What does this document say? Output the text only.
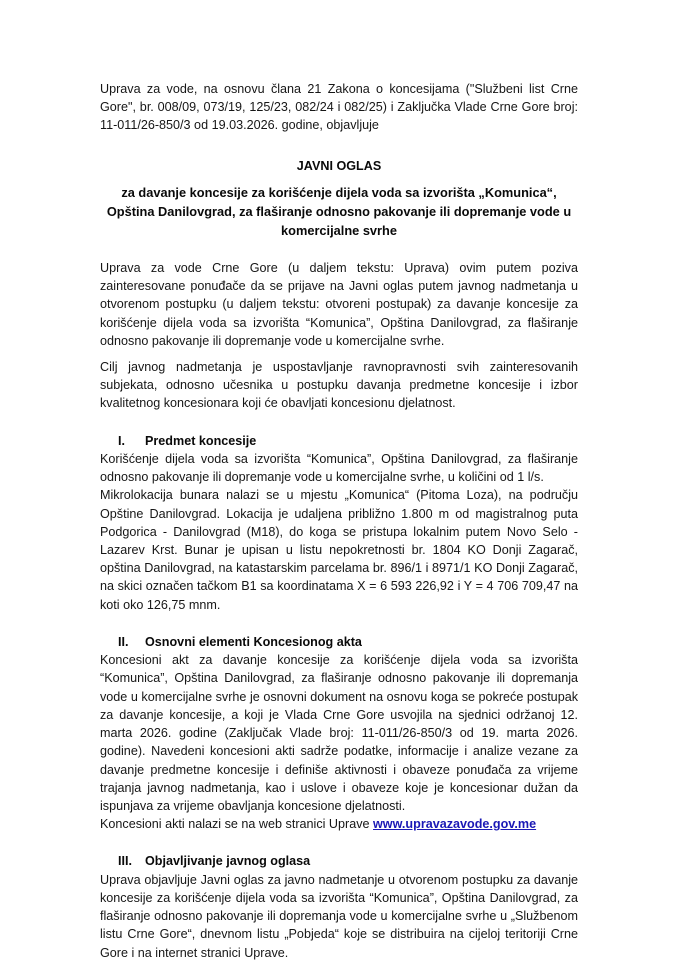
Uprava za vode, na osnovu člana 21 Zakona o koncesijama ("Službeni list Crne Gore", br. 008/09, 073/19, 125/23, 082/24 i 082/25) i Zaključka Vlade Crne Gore broj: 11-011/26-850/3 od 19.03.2026. godine, objavljuje

JAVNI OGLAS

za davanje koncesije za korišćenje dijela voda sa izvorišta „Komunica“, Opština Danilovgrad, za flaširanje odnosno pakovanje ili dopremanje vode u komercijalne svrhe

Uprava za vode Crne Gore (u daljem tekstu: Uprava) ovim putem poziva zainteresovane ponuđače da se prijave na Javni oglas putem javnog nadmetanja u otvorenom postupku (u daljem tekstu: otvoreni postupak) za davanje koncesije za korišćenje dijela voda sa izvorišta “Komunica”, Opština Danilovgrad, za flaširanje odnosno pakovanje ili dopremanje vode u komercijalne svrhe.

Cilj javnog nadmetanja je uspostavljanje ravnopravnosti svih zainteresovanih subjekata, odnosno učesnika u postupku davanja predmetne koncesije i izbor kvalitetnog koncesionara koji će obavljati koncesionu djelatnost.

I.	Predmet koncesije

Korišćenje dijela voda sa izvorišta “Komunica”, Opština Danilovgrad, za flaširanje odnosno pakovanje ili dopremanje vode u komercijalne svrhe, u količini od 1 l/s.

Mikrolokacija bunara nalazi se u mjestu „Komunica“ (Pitoma Loza), na području Opštine Danilovgrad. Lokacija je udaljena približno 1.800 m od magistralnog puta Podgorica - Danilovgrad (M18), do koga se pristupa lokalnim putem Novo Selo - Lazarev Krst. Bunar je upisan u listu nepokretnosti br. 1804 KO Donji Zagarač, opština Danilovgrad, na katastarskim parcelama br. 896/1 i 8971/1 KO Donji Zagarač, na skici označen tačkom B1 sa koordinatama X = 6 593 226,92 i Y = 4 706 709,47 na koti oko 126,75 mnm.

II.	Osnovni elementi Koncesionog akta

Koncesioni akt za davanje koncesije za korišćenje dijela voda sa izvorišta “Komunica”, Opština Danilovgrad, za flaširanje odnosno pakovanje ili dopremanja vode u komercijalne svrhe je osnovni dokument na osnovu koga se pokreće postupak za davanje koncesije, a koji je Vlada Crne Gore usvojila na sjednici održanoj 12. marta 2026. godine (Zaključak Vlade broj: 11-011/26-850/3 od 19. marta 2026. godine). Navedeni koncesioni akti sadrže podatke, informacije i analize vezane za davanje predmetne koncesije i definiše aktivnosti i obaveze ponuđača za vrijeme trajanja javnog nadmetanja, kao i uslove i obaveze koje je koncesionar dužan da ispunjava za vrijeme obavljanja koncesione djelatnosti.

Koncesioni akti nalazi se na web stranici Uprave www.upravazavode.gov.me

III.	Objavljivanje javnog oglasa

Uprava objavljuje Javni oglas za javno nadmetanje u otvorenom postupku za davanje koncesije za korišćenje dijela voda sa izvorišta “Komunica”, Opština Danilovgrad, za flaširanje odnosno pakovanje ili dopremanja vode u komercijalne svrhe u „Službenom listu Crne Gore“, dnevnom listu „Pobjeda“ koje se distribuira na cijeloj teritoriji Crne Gore i na internet stranici Uprave.
